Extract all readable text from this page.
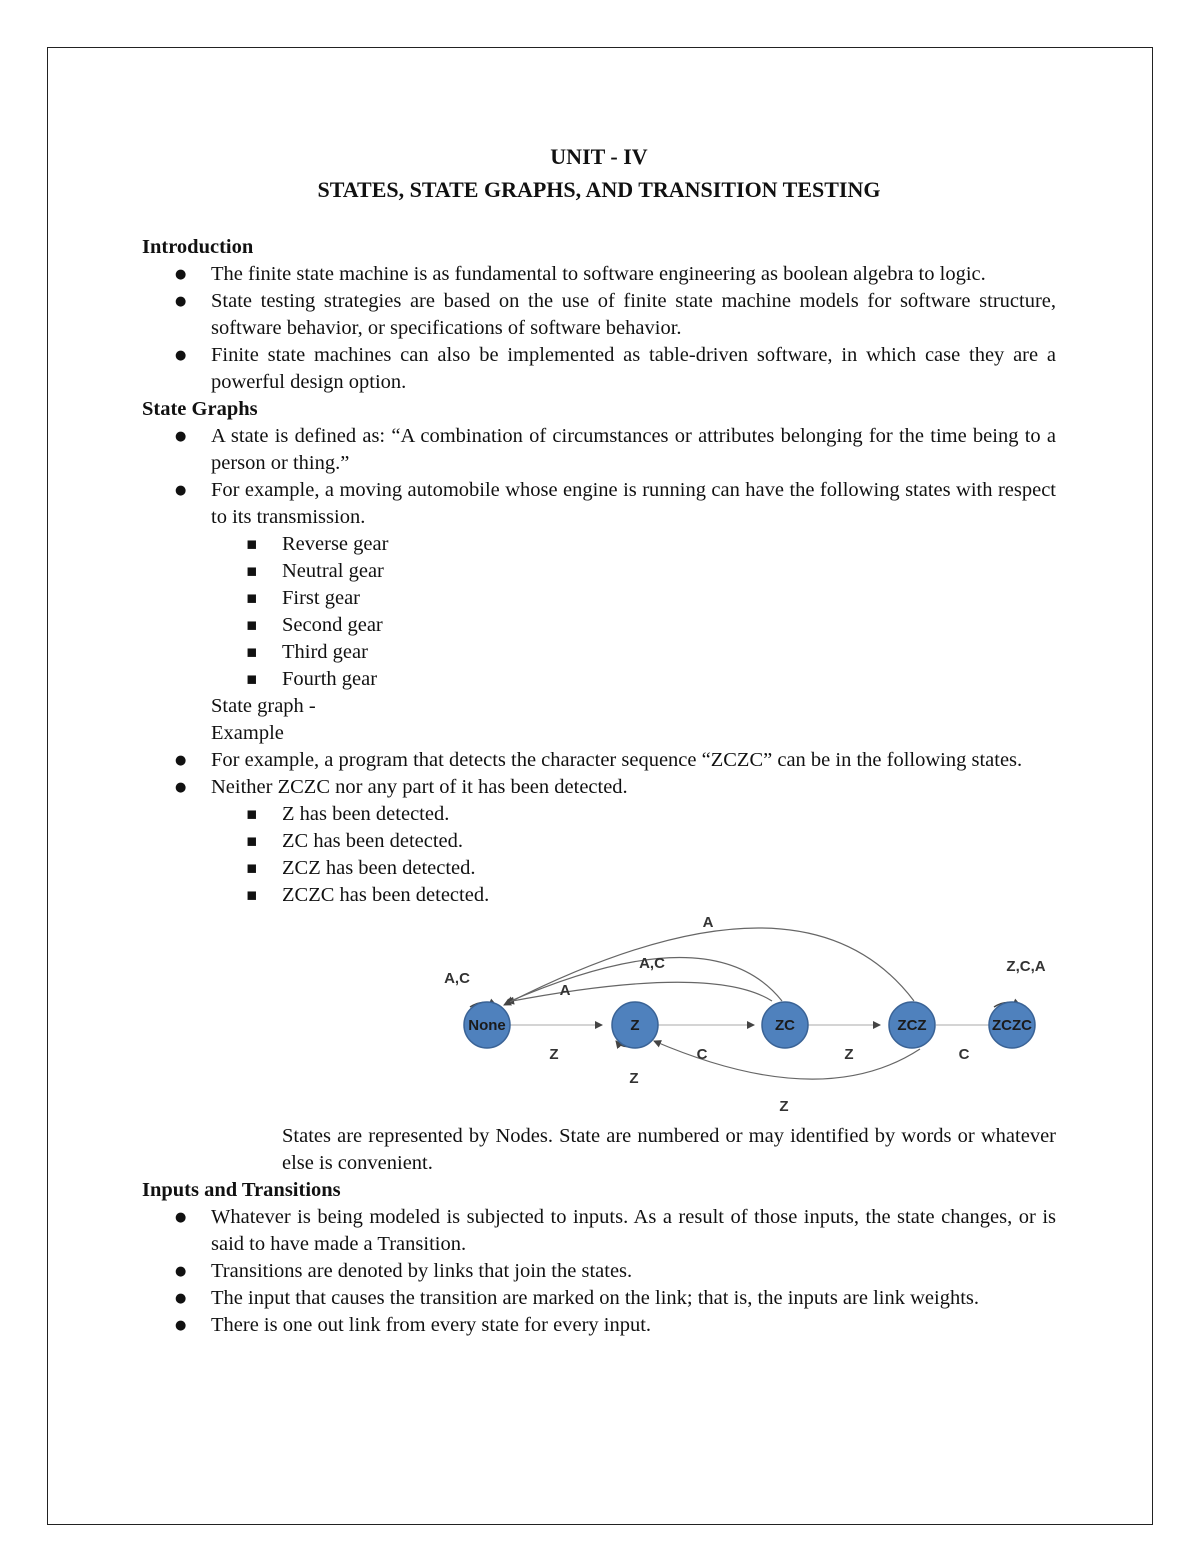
UNIT - IV
STATES, STATE GRAPHS, AND TRANSITION TESTING
Introduction
● The finite state machine is as fundamental to software engineering as boolean algebra to logic.
● State testing strategies are based on the use of finite state machine models for software structure, software behavior, or specifications of software behavior.
● Finite state machines can also be implemented as table-driven software, in which case they are a powerful design option.
State Graphs
● A state is defined as: “A combination of circumstances or attributes belonging for the time being to a person or thing.”
● For example, a moving automobile whose engine is running can have the following states with respect to its transmission.
▪ Reverse gear
▪ Neutral gear
▪ First gear
▪ Second gear
▪ Third gear
▪ Fourth gear
State graph -
Example
● For example, a program that detects the character sequence “ZCZC” can be in the following states.
● Neither ZCZC nor any part of it has been detected.
▪ Z has been detected.
▪ ZC has been detected.
▪ ZCZ has been detected.
▪ ZCZC has been detected.
None	Z	ZC	ZCZ	ZCZC
A,C
Z
Z
A
C
A,C
Z
A
Z
C
Z,C,A
States are represented by Nodes. State are numbered or may identified by words or whatever else is convenient.
Inputs and Transitions
● Whatever is being modeled is subjected to inputs. As a result of those inputs, the state changes, or is said to have made a Transition.
● Transitions are denoted by links that join the states.
● The input that causes the transition are marked on the link; that is, the inputs are link weights.
● There is one out link from every state for every input.
